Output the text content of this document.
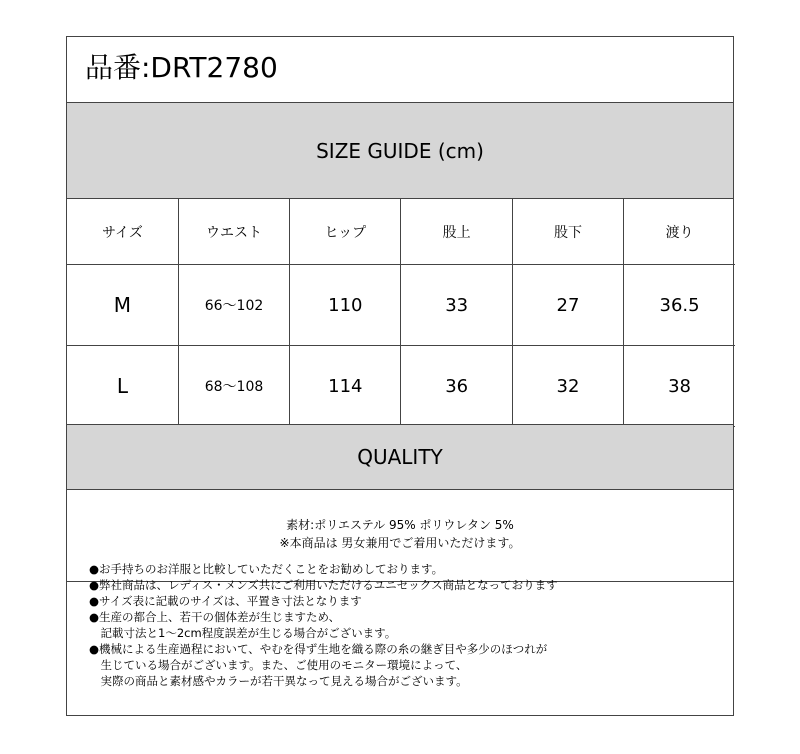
品番:DRT2780
SIZE GUIDE (cm)
サイズ	ウエスト	ヒップ	股上	股下	渡り
M	66〜102	110	33	27	36.5
L	68〜108	114	36	32	38
QUALITY
素材:ポリエステル 95% ポリウレタン 5%
※本商品は 男女兼用でご着用いただけます。
●お手持ちのお洋服と比較していただくことをお勧めしております。
●弊社商品は、レディス・メンズ共にご利用いただけるユニセックス商品となっております
●サイズ表に記載のサイズは、平置き寸法となります
●生産の都合上、若干の個体差が生じますため、
　記載寸法と1～2cm程度誤差が生じる場合がございます。
●機械による生産過程において、やむを得ず生地を織る際の糸の継ぎ目や多少のほつれが
　生じている場合がございます。また、ご使用のモニター環境によって、
　実際の商品と素材感やカラーが若干異なって見える場合がございます。
